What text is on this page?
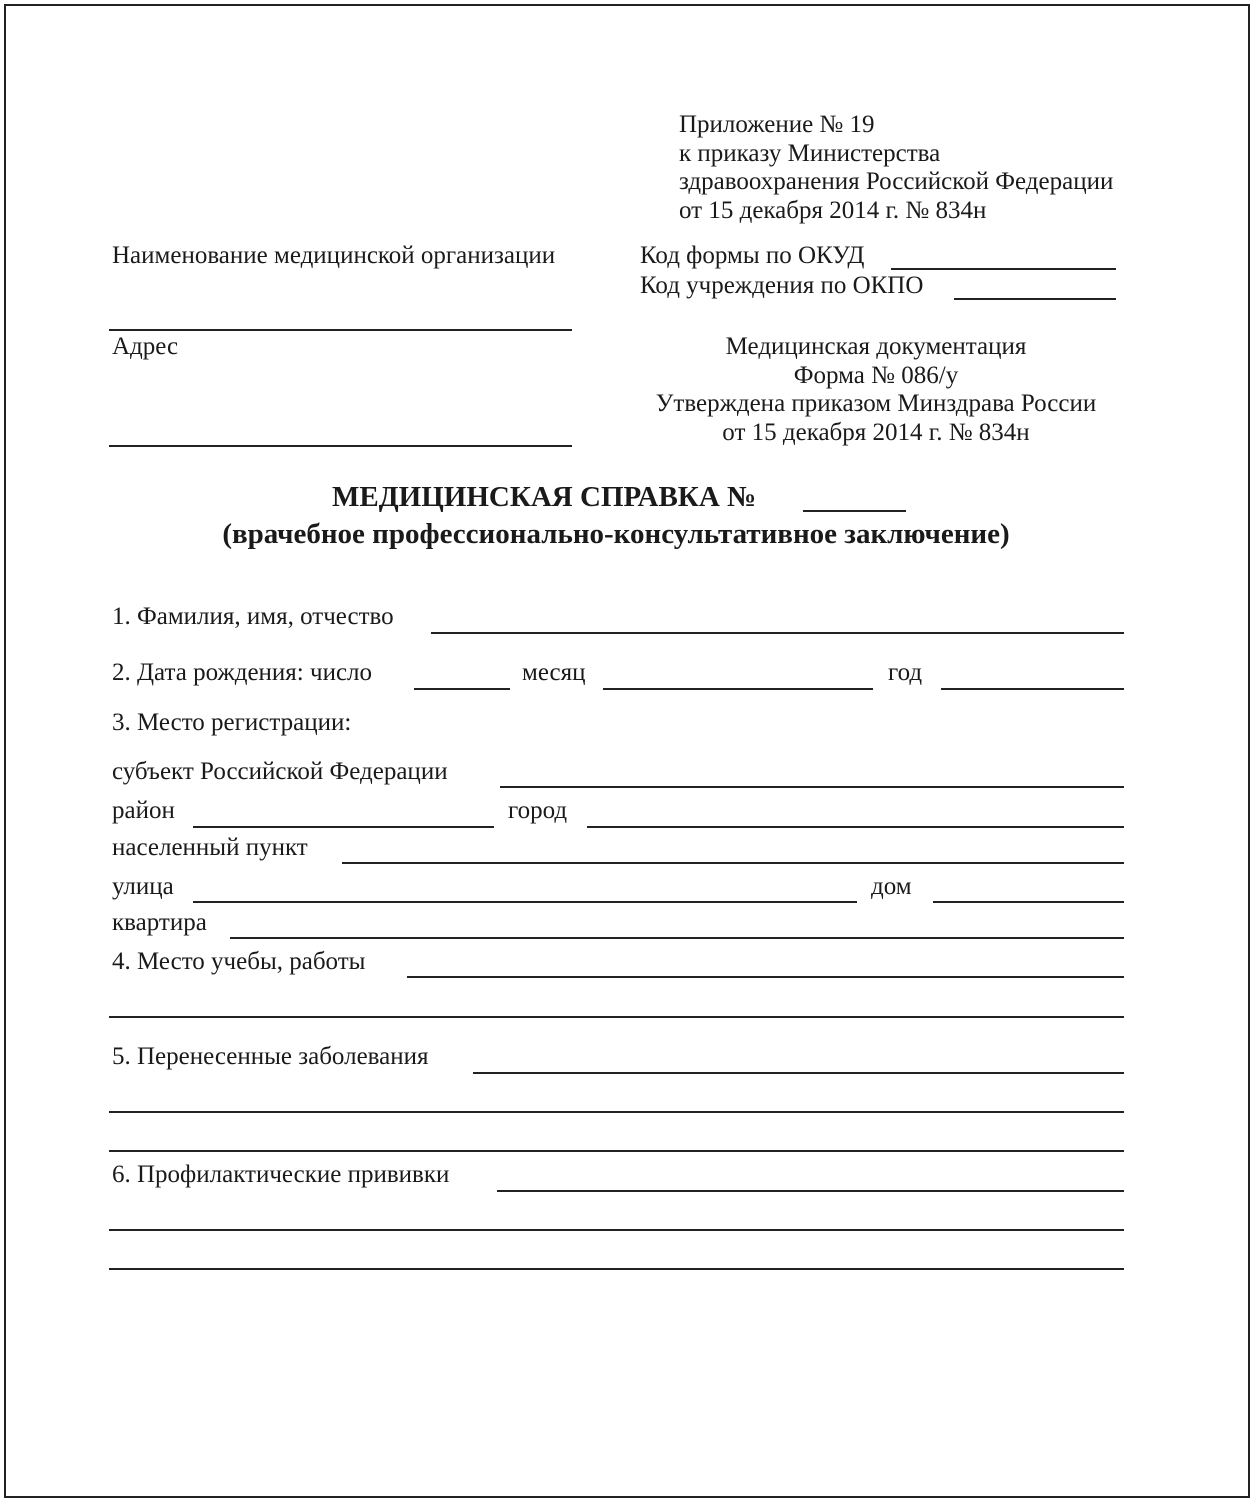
Приложение № 19
к приказу Министерства
здравоохранения Российской Федерации
от 15 декабря 2014 г. № 834н
Наименование медицинской организации
Адрес
Код формы по ОКУД
Код учреждения по ОКПО
Медицинская документация
Форма № 086/у
Утверждена приказом Минздрава России
от 15 декабря 2014 г. № 834н
МЕДИЦИНСКАЯ СПРАВКА №
(врачебное профессионально-консультативное заключение)
1. Фамилия, имя, отчество
2. Дата рождения: число	месяц	год
3. Место регистрации:
субъект Российской Федерации
район	город
населенный пункт
улица	дом
квартира
4. Место учебы, работы
5. Перенесенные заболевания
6. Профилактические прививки
